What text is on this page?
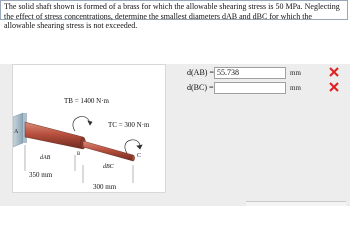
The solid shaft shown is formed of a brass for which the allowable shearing stress is 50 MPa. Neglecting the effect of stress concentrations, determine the smallest diameters dAB and dBC for which the allowable shearing stress is not exceeded.
TB = 1400 N·m
TC = 300 N·m
A
B	C
dAB
dBC
350 mm
300 mm
d(AB) =
55.738	mm
d(BC) =	mm
